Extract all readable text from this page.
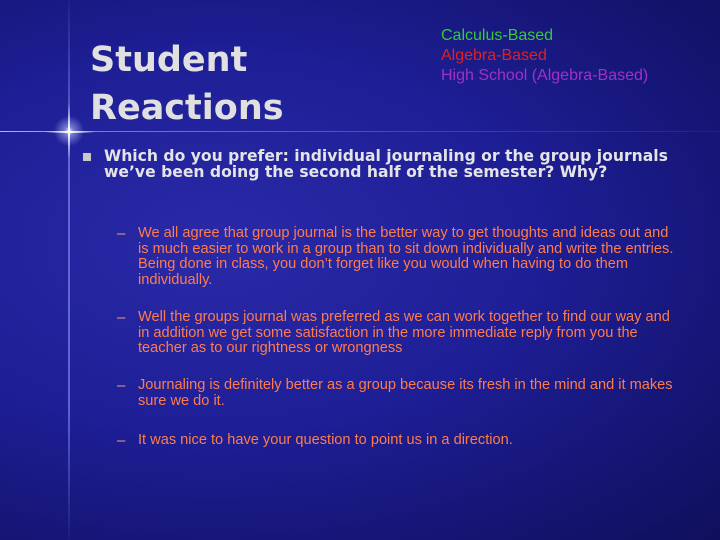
Student
Reactions
Calculus-Based
Algebra-Based
High School (Algebra-Based)

Which do you prefer: individual journaling or the group journals we’ve been doing the second half of the semester? Why?

– We all agree that group journal is the better way to get thoughts and ideas out and is much easier to work in a group than to sit down individually and write the entries. Being done in class, you don’t forget like you would when having to do them individually.

– Well the groups journal was preferred as we can work together to find our way and in addition we get some satisfaction in the more immediate reply from you the teacher as to our rightness or wrongness

– Journaling is definitely better as a group because its fresh in the mind and it makes sure we do it.

– It was nice to have your question to point us in a direction.
